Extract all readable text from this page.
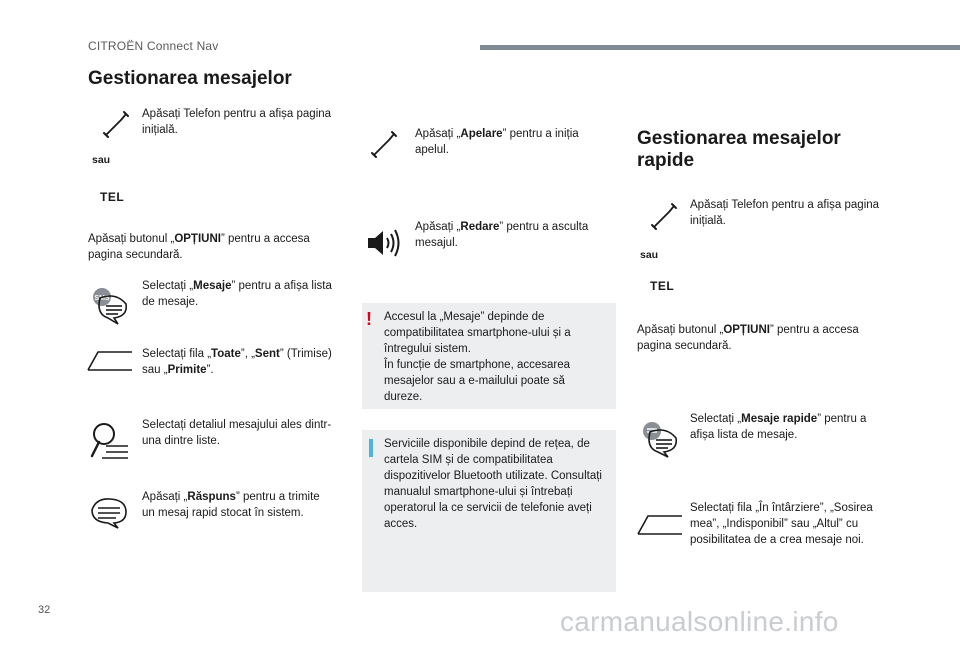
CITROËN Connect Nav
Gestionarea mesajelor
Apăsați Telefon pentru a afișa pagina inițială.
sau
TEL
Apăsați butonul „OPȚIUNI” pentru a accesa pagina secundară.
SMS
Selectați „Mesaje” pentru a afișa lista de mesaje.
Selectați fila „Toate”, „Sent” (Trimise) sau „Primite”.
Selectați detaliul mesajului ales dintr-una dintre liste.
Apăsați „Răspuns” pentru a trimite un mesaj rapid stocat în sistem.
Apăsați „Apelare” pentru a iniția apelul.
Apăsați „Redare” pentru a asculta mesajul.
! Accesul la „Mesaje” depinde de compatibilitatea smartphone-ului și a întregului sistem.
În funcție de smartphone, accesarea mesajelor sau a e-mailului poate să dureze.
Serviciile disponibile depind de rețea, de cartela SIM și de compatibilitatea dispozitivelor Bluetooth utilizate. Consultați manualul smartphone-ului și întrebați operatorul la ce servicii de telefonie aveți acces.
Gestionarea mesajelor rapide
Apăsați Telefon pentru a afișa pagina inițială.
sau
TEL
Apăsați butonul „OPȚIUNI” pentru a accesa pagina secundară.
Selectați „Mesaje rapide” pentru a afișa lista de mesaje.
Selectați fila „În întârziere”, „Sosirea mea”, „Indisponibil” sau „Altul” cu posibilitatea de a crea mesaje noi.
32	carmanualsonline.info
